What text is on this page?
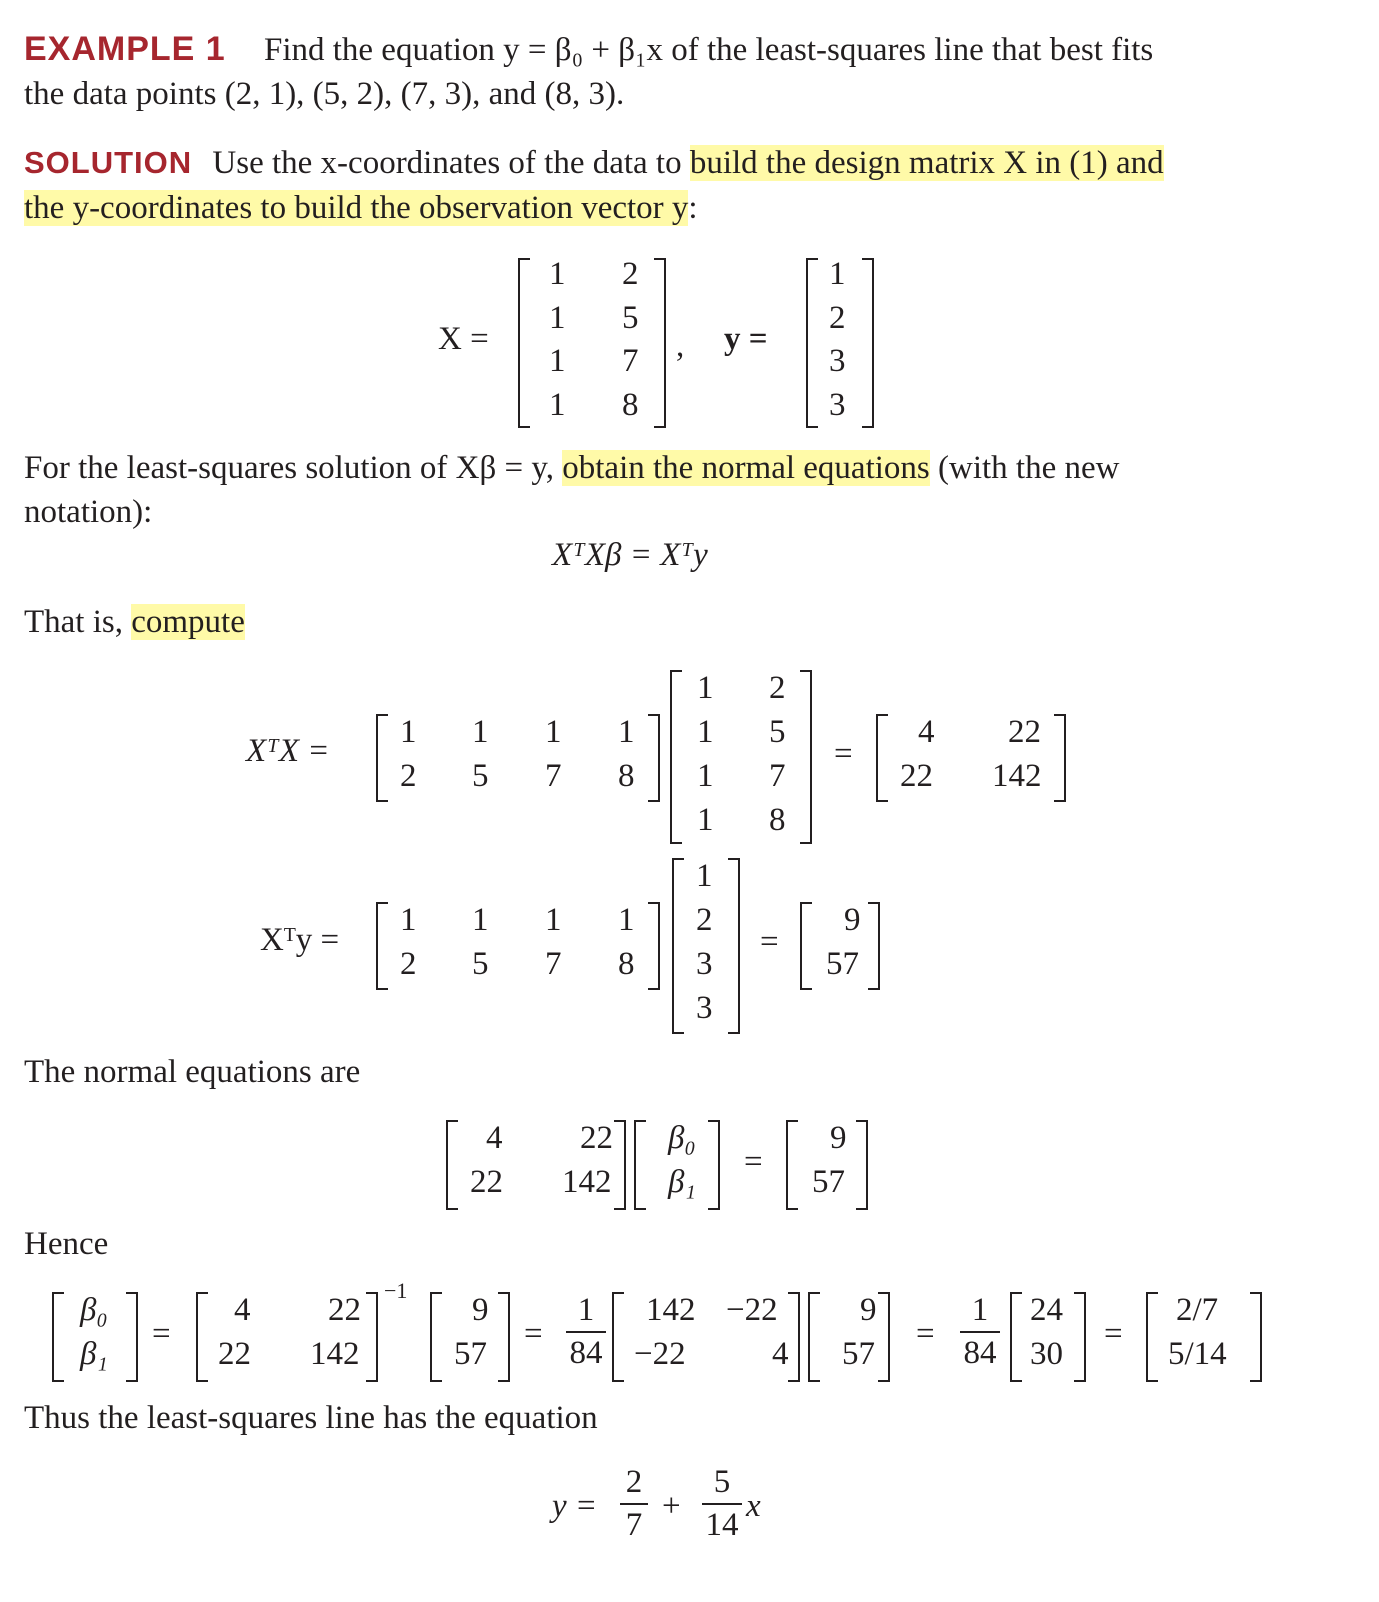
EXAMPLE 1 Find the equation y = β₀ + β₁x of the least-squares line that best fits
the data points (2, 1), (5, 2), (7, 3), and (8, 3).
SOLUTION Use the x-coordinates of the data to build the design matrix X in (1) and
the y-coordinates to build the observation vector y:
X =
1 2
1 5
1 7
1 8
, y =
1
2
3
3
For the least-squares solution of Xβ = y, obtain the normal equations (with the new
notation):
XᵀXβ = Xᵀy
That is, compute
XᵀX =
1 1 1 1
2 5 7 8
1 2
1 5
1 7
1 8
=
4 22
22 142
Xᵀy =
1 1 1 1
2 5 7 8
1
2
3
3
=
9
57
The normal equations are
4 22
22 142
β₀
β₁
=
9
57
Hence
β₀
β₁
=
4 22
22 142
−1
9
57
=
1
84
142 −22
−22	4
9
57
=
1
84
24
30
=
2/7
5/14
Thus the least-squares line has the equation
y =
2
7
+
5
14
x
